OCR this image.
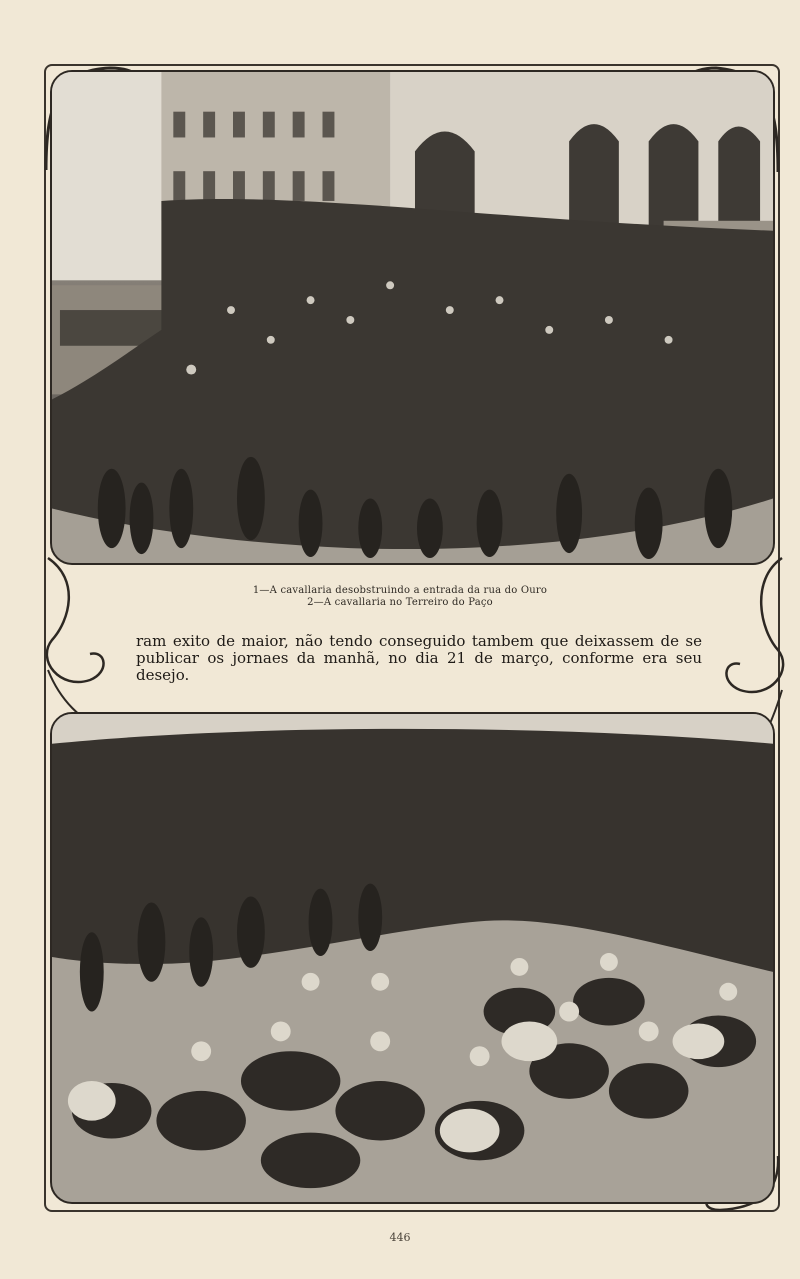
1—A cavallaria desobstruindo a entrada da rua do Ouro
2—A cavallaria no Terreiro do Paço
ram exito de maior, não tendo conseguido tambem que deixassem de se publicar os jornaes da manhã, no dia 21 de março, conforme era seu desejo.
446
